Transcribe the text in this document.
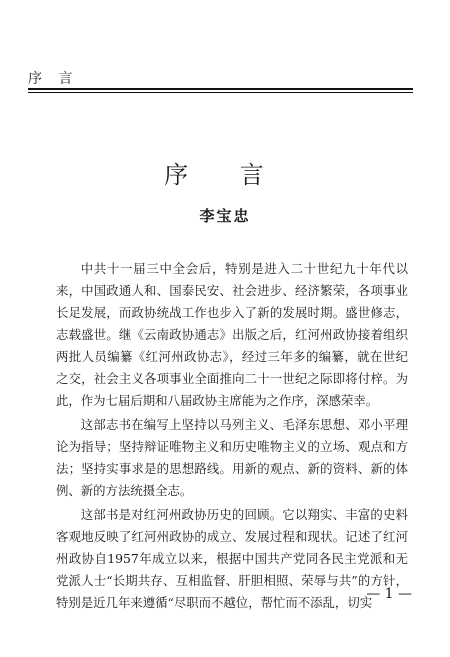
序 言
序 言
李宝忠

中共十一届三中全会后，特别是进入二十世纪九十年代以来，中国政通人和、国泰民安、社会进步、经济繁荣，各项事业长足发展，而政协统战工作也步入了新的发展时期。盛世修志，志载盛世。继《云南政协通志》出版之后，红河州政协接着组织两批人员编纂《红河州政协志》，经过三年多的编纂，就在世纪之交，社会主义各项事业全面推向二十一世纪之际即将付梓。为此，作为七届后期和八届政协主席能为之作序，深感荣幸。

这部志书在编写上坚持以马列主义、毛泽东思想、邓小平理论为指导；坚持辩证唯物主义和历史唯物主义的立场、观点和方法；坚持实事求是的思想路线。用新的观点、新的资料、新的体例、新的方法统摄全志。

这部书是对红河州政协历史的回顾。它以翔实、丰富的史料客观地反映了红河州政协的成立、发展过程和现状。记述了红河州政协自1957年成立以来，根据中国共产党同各民主党派和无党派人士“长期共存、互相监督、肝胆相照、荣辱与共”的方针，特别是近几年来遵循“尽职而不越位，帮忙而不添乱，切实

— 1 —
